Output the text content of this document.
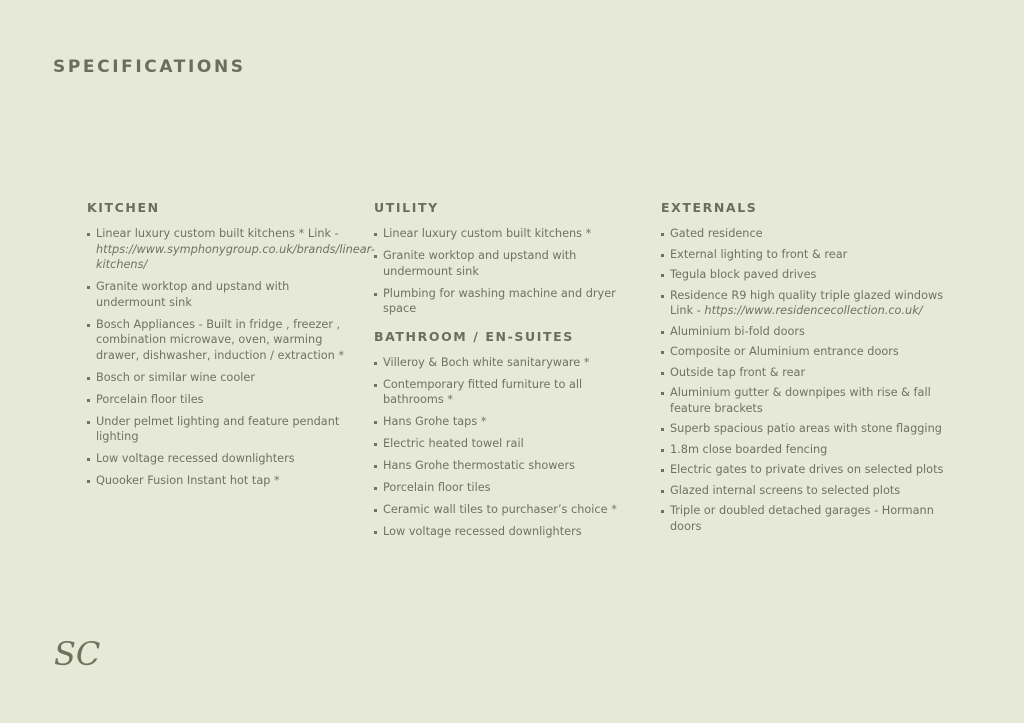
SPECIFICATIONS
KITCHEN
Linear luxury custom built kitchens * Link - https://www.symphonygroup.co.uk/brands/linear-kitchens/
Granite worktop and upstand with undermount sink
Bosch Appliances - Built in fridge , freezer , combination microwave, oven, warming drawer, dishwasher, induction / extraction *
Bosch or similar wine cooler
Porcelain floor tiles
Under pelmet lighting and feature pendant lighting
Low voltage recessed downlighters
Quooker Fusion Instant hot tap *
UTILITY
Linear luxury custom built kitchens *
Granite worktop and upstand with undermount sink
Plumbing for washing machine and dryer space
BATHROOM / EN-SUITES
Villeroy & Boch white sanitaryware *
Contemporary fitted furniture to all bathrooms *
Hans Grohe taps *
Electric heated towel rail
Hans Grohe thermostatic showers
Porcelain floor tiles
Ceramic wall tiles to purchaser’s choice *
Low voltage recessed downlighters
EXTERNALS
Gated residence
External lighting to front & rear
Tegula block paved drives
Residence R9 high quality triple glazed windows Link - https://www.residencecollection.co.uk/
Aluminium bi-fold doors
Composite or Aluminium entrance doors
Outside tap front & rear
Aluminium gutter & downpipes with rise & fall feature brackets
Superb spacious patio areas with stone flagging
1.8m close boarded fencing
Electric gates to private drives on selected plots
Glazed internal screens to selected plots
Triple or doubled detached garages - Hormann doors
SC
